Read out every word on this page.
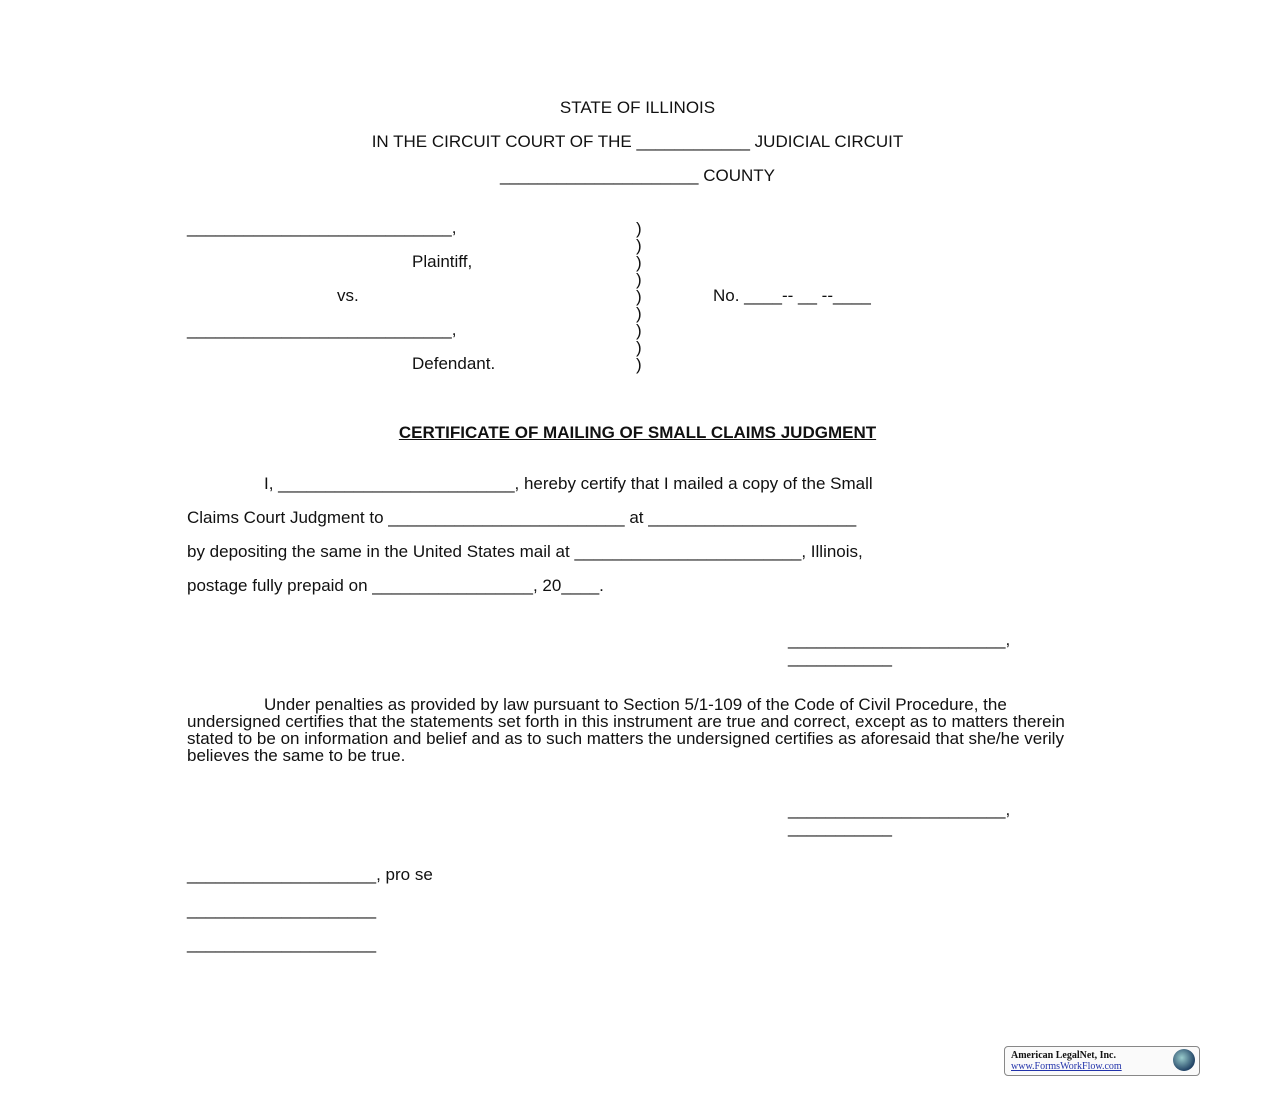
STATE OF ILLINOIS
IN THE CIRCUIT COURT OF THE ____________ JUDICIAL CIRCUIT
_____________________ COUNTY
____________________________,
Plaintiff,
vs.
____________________________,
Defendant.
)
)
)
)
)
)
)
)
)
No. ____-- __ --____
CERTIFICATE OF MAILING OF SMALL CLAIMS JUDGMENT
I, _________________________, hereby certify that I mailed a copy of the Small
Claims Court Judgment to _________________________ at ______________________
by depositing the same in the United States mail at ________________________, Illinois,
postage fully prepaid on _________________, 20____.
_______________________,
___________
Under penalties as provided by law pursuant to Section 5/1-109 of the Code of Civil Procedure, the undersigned certifies that the statements set forth in this instrument are true and correct, except as to matters therein stated to be on information and belief and as to such matters the undersigned certifies as aforesaid that she/he verily believes the same to be true.
_______________________,
___________
____________________, pro se
____________________
____________________
American LegalNet, Inc.
www.FormsWorkFlow.com
